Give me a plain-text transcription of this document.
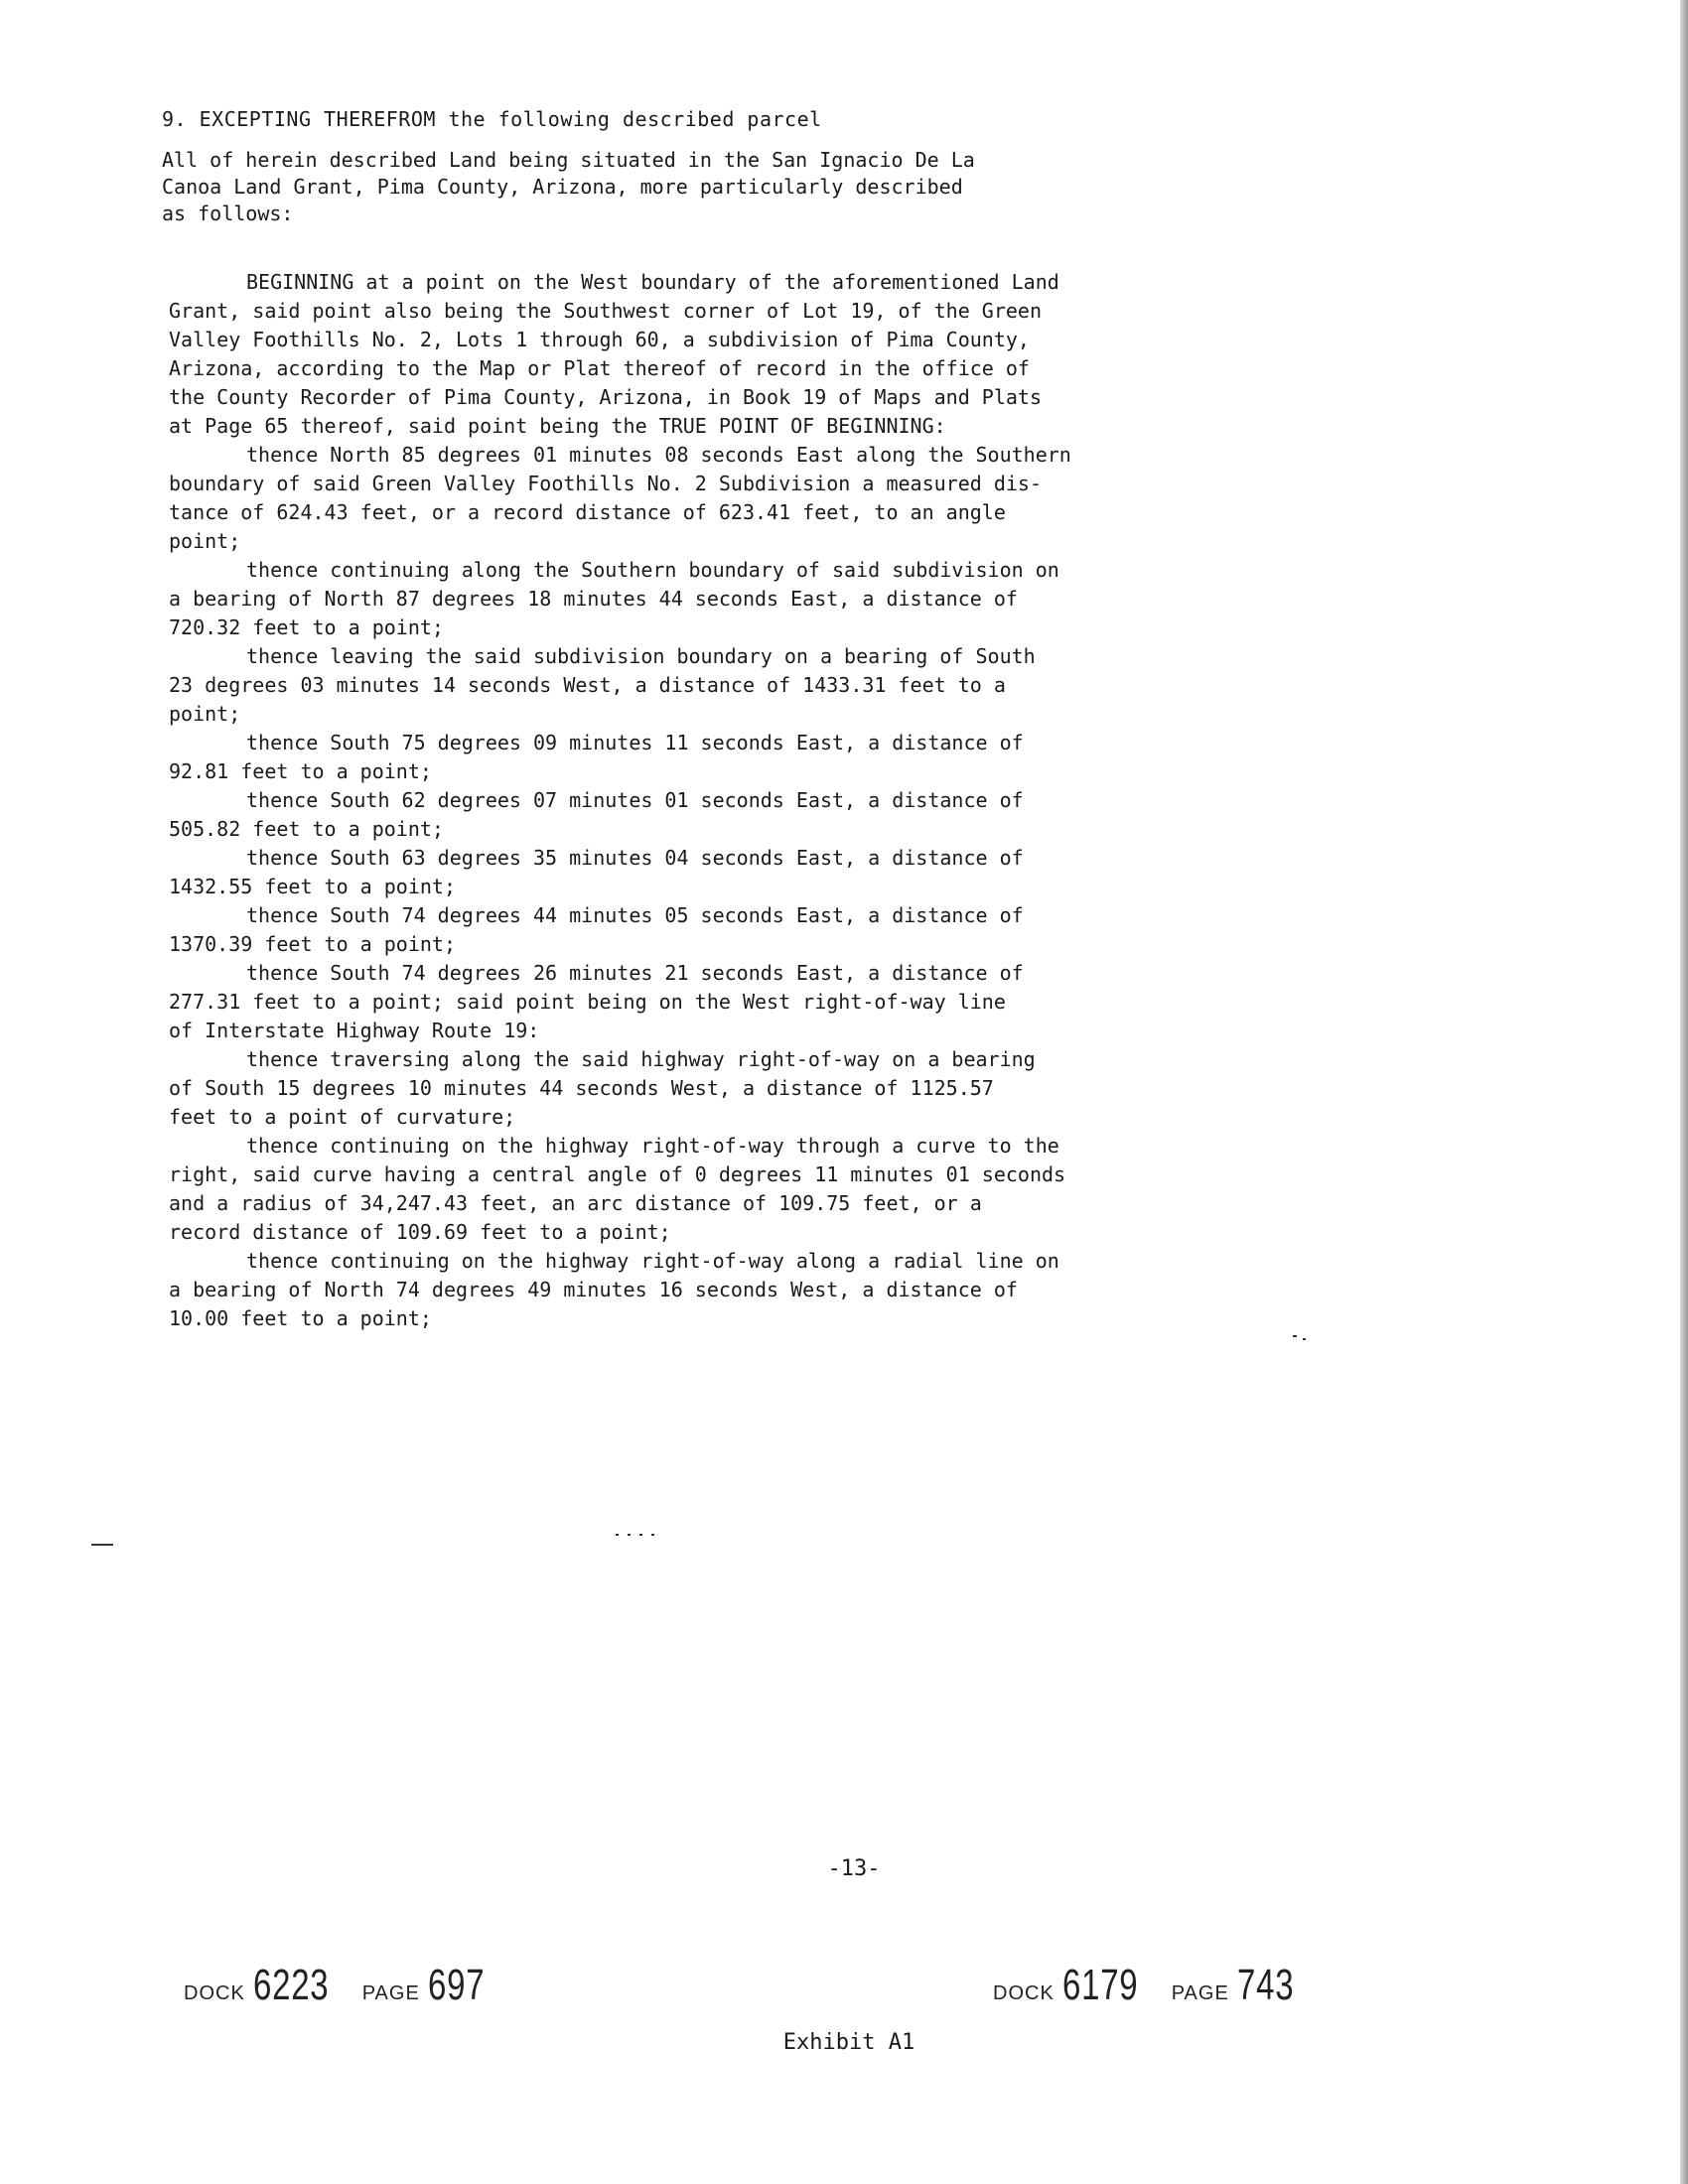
9. EXCEPTING THEREFROM the following described parcel

All of herein described Land being situated in the San Ignacio De La

Canoa Land Grant, Pima County, Arizona, more particularly described

as follows:

BEGINNING at a point on the West boundary of the aforementioned Land
Grant, said point also being the Southwest corner of Lot 19, of the Green
Valley Foothills No. 2, Lots 1 through 60, a subdivision of Pima County,
Arizona, according to the Map or Plat thereof of record in the office of
the County Recorder of Pima County, Arizona, in Book 19 of Maps and Plats
at Page 65 thereof, said point being the TRUE POINT OF BEGINNING:
thence North 85 degrees 01 minutes 08 seconds East along the Southern
boundary of said Green Valley Foothills No. 2 Subdivision a measured dis-
tance of 624.43 feet, or a record distance of 623.41 feet, to an angle
point;
thence continuing along the Southern boundary of said subdivision on
a bearing of North 87 degrees 18 minutes 44 seconds East, a distance of
720.32 feet to a point;
thence leaving the said subdivision boundary on a bearing of South
23 degrees 03 minutes 14 seconds West, a distance of 1433.31 feet to a
point;
thence South 75 degrees 09 minutes 11 seconds East, a distance of
92.81 feet to a point;
thence South 62 degrees 07 minutes 01 seconds East, a distance of
505.82 feet to a point;
thence South 63 degrees 35 minutes 04 seconds East, a distance of
1432.55 feet to a point;
thence South 74 degrees 44 minutes 05 seconds East, a distance of
1370.39 feet to a point;
thence South 74 degrees 26 minutes 21 seconds East, a distance of
277.31 feet to a point; said point being on the West right-of-way line
of Interstate Highway Route 19:
thence traversing along the said highway right-of-way on a bearing
of South 15 degrees 10 minutes 44 seconds West, a distance of 1125.57
feet to a point of curvature;
thence continuing on the highway right-of-way through a curve to the
right, said curve having a central angle of 0 degrees 11 minutes 01 seconds
and a radius of 34,247.43 feet, an arc distance of 109.75 feet, or a
record distance of 109.69 feet to a point;
thence continuing on the highway right-of-way along a radial line on
a bearing of North 74 degrees 49 minutes 16 seconds West, a distance of
10.00 feet to a point;
-13-
DOCK 6223 PAGE 697	DOCK 6179 PAGE 743
Exhibit A1
